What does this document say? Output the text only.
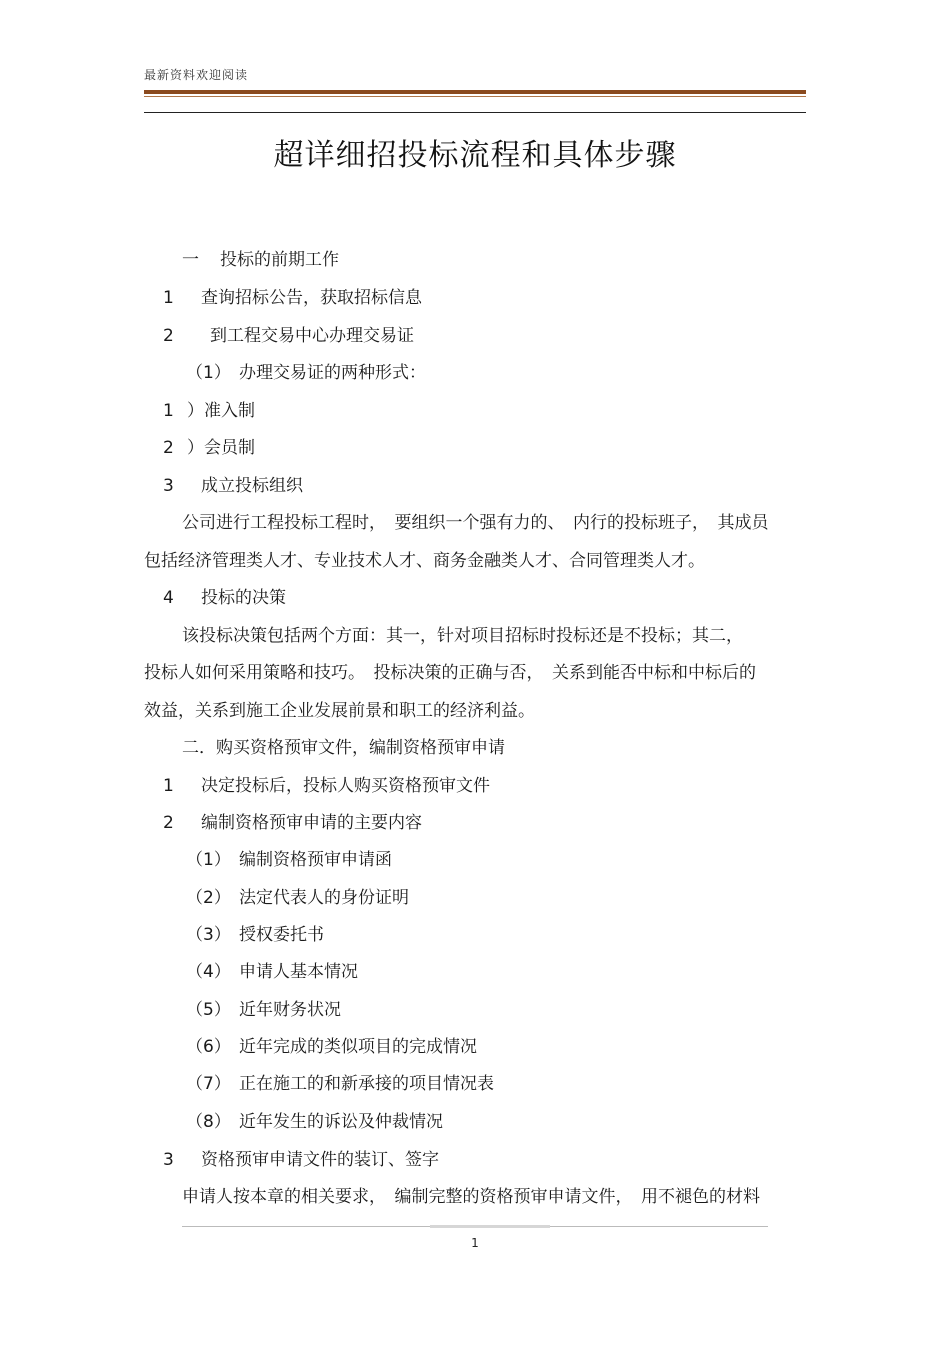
最新资料欢迎阅读
超详细招投标流程和具体步骤
一 投标的前期工作
1 查询招标公告，获取招标信息
2 到工程交易中心办理交易证
（1） 办理交易证的两种形式：
1 ）准入制
2 ）会员制
3 成立投标组织
公司进行工程投标工程时，　要组织一个强有力的、　内行的投标班子，　其成员
包括经济管理类人才、专业技术人才、商务金融类人才、合同管理类人才。
4 投标的决策
该投标决策包括两个方面：其一，针对项目招标时投标还是不投标；其二，
投标人如何采用策略和技巧。　投标决策的正确与否，　关系到能否中标和中标后的
效益，关系到施工企业发展前景和职工的经济利益。
二．购买资格预审文件，编制资格预审申请
1 决定投标后，投标人购买资格预审文件
2 编制资格预审申请的主要内容
（1） 编制资格预审申请函
（2） 法定代表人的身份证明
（3） 授权委托书
（4） 申请人基本情况
（5） 近年财务状况
（6） 近年完成的类似项目的完成情况
（7） 正在施工的和新承接的项目情况表
（8） 近年发生的诉讼及仲裁情况
3 资格预审申请文件的装订、签字
申请人按本章的相关要求，　编制完整的资格预审申请文件，　用不褪色的材料
1
